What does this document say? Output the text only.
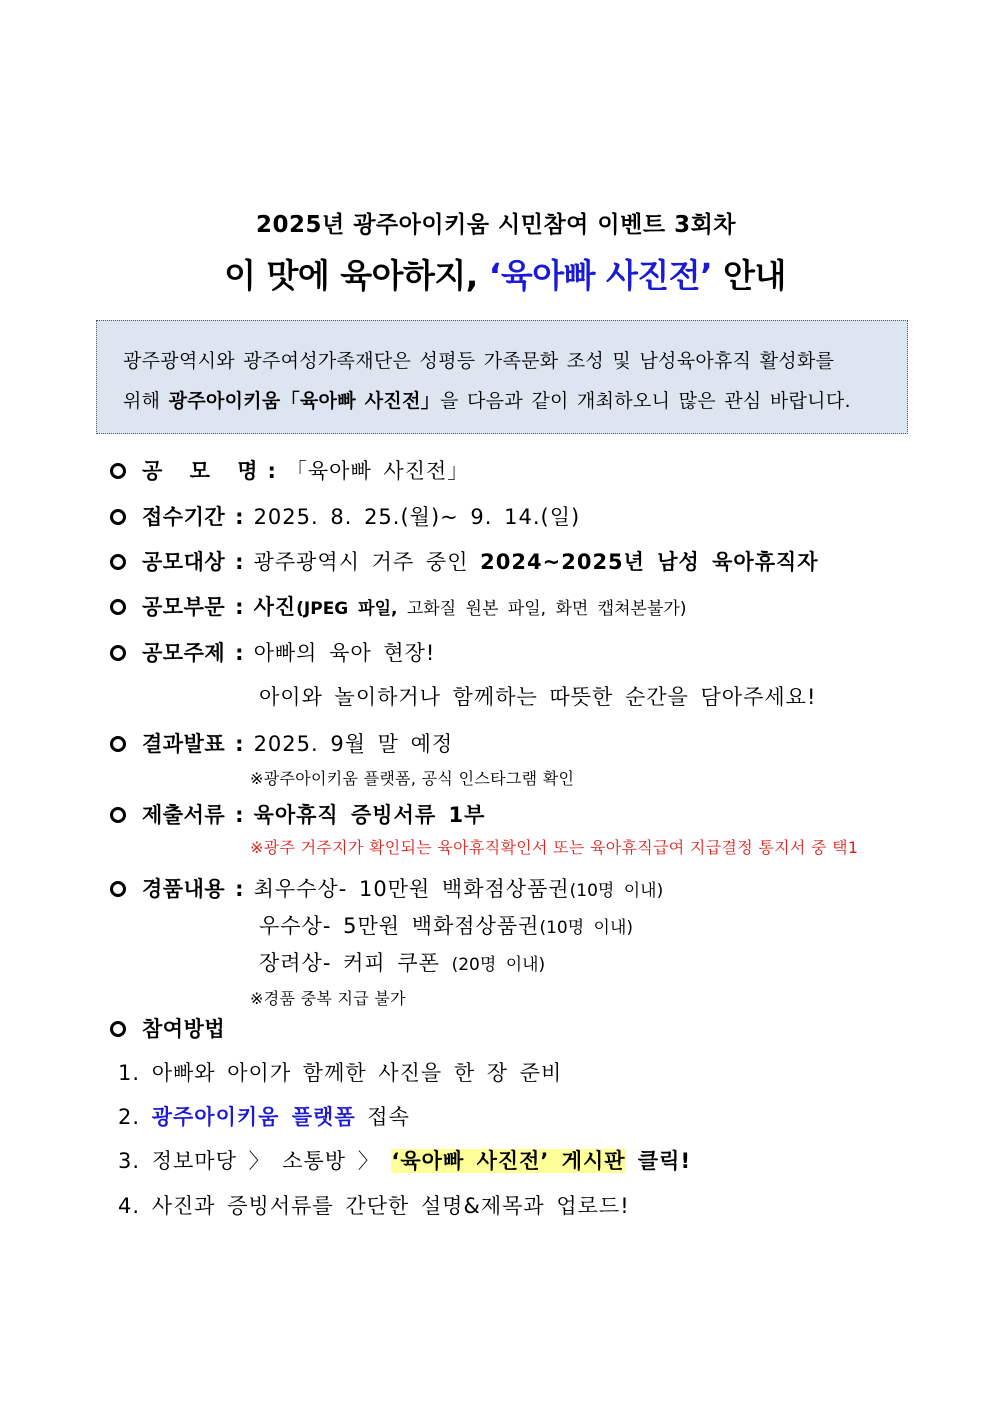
2025년 광주아이키움 시민참여 이벤트 3회차
이 맛에 육아하지, ‘육아빠 사진전’ 안내
광주광역시와 광주여성가족재단은 성평등 가족문화 조성 및 남성육아휴직 활성화를
위해 광주아이키움「육아빠 사진전」을 다음과 같이 개최하오니 많은 관심 바랍니다.
공 모 명 : 「육아빠 사진전」
접수기간 : 2025. 8. 25.(월)~ 9. 14.(일)
공모대상 : 광주광역시 거주 중인 2024~2025년 남성 육아휴직자
공모부문 : 사진(JPEG 파일, 고화질 원본 파일, 화면 캡쳐본불가)
공모주제 : 아빠의 육아 현장!
아이와 놀이하거나 함께하는 따뜻한 순간을 담아주세요!
결과발표 : 2025. 9월 말 예정
※광주아이키움 플랫폼, 공식 인스타그램 확인
제출서류 : 육아휴직 증빙서류 1부
※광주 거주지가 확인되는 육아휴직확인서 또는 육아휴직급여 지급결정 통지서 중 택1
경품내용 : 최우수상- 10만원 백화점상품권(10명 이내)
우수상- 5만원 백화점상품권(10명 이내)
장려상- 커피 쿠폰 (20명 이내)
※경품 중복 지급 불가
참여방법
1. 아빠와 아이가 함께한 사진을 한 장 준비
2. 광주아이키움 플랫폼 접속
3. 정보마당 〉 소통방 〉 ‘육아빠 사진전’ 게시판 클릭!
4. 사진과 증빙서류를 간단한 설명&제목과 업로드!
